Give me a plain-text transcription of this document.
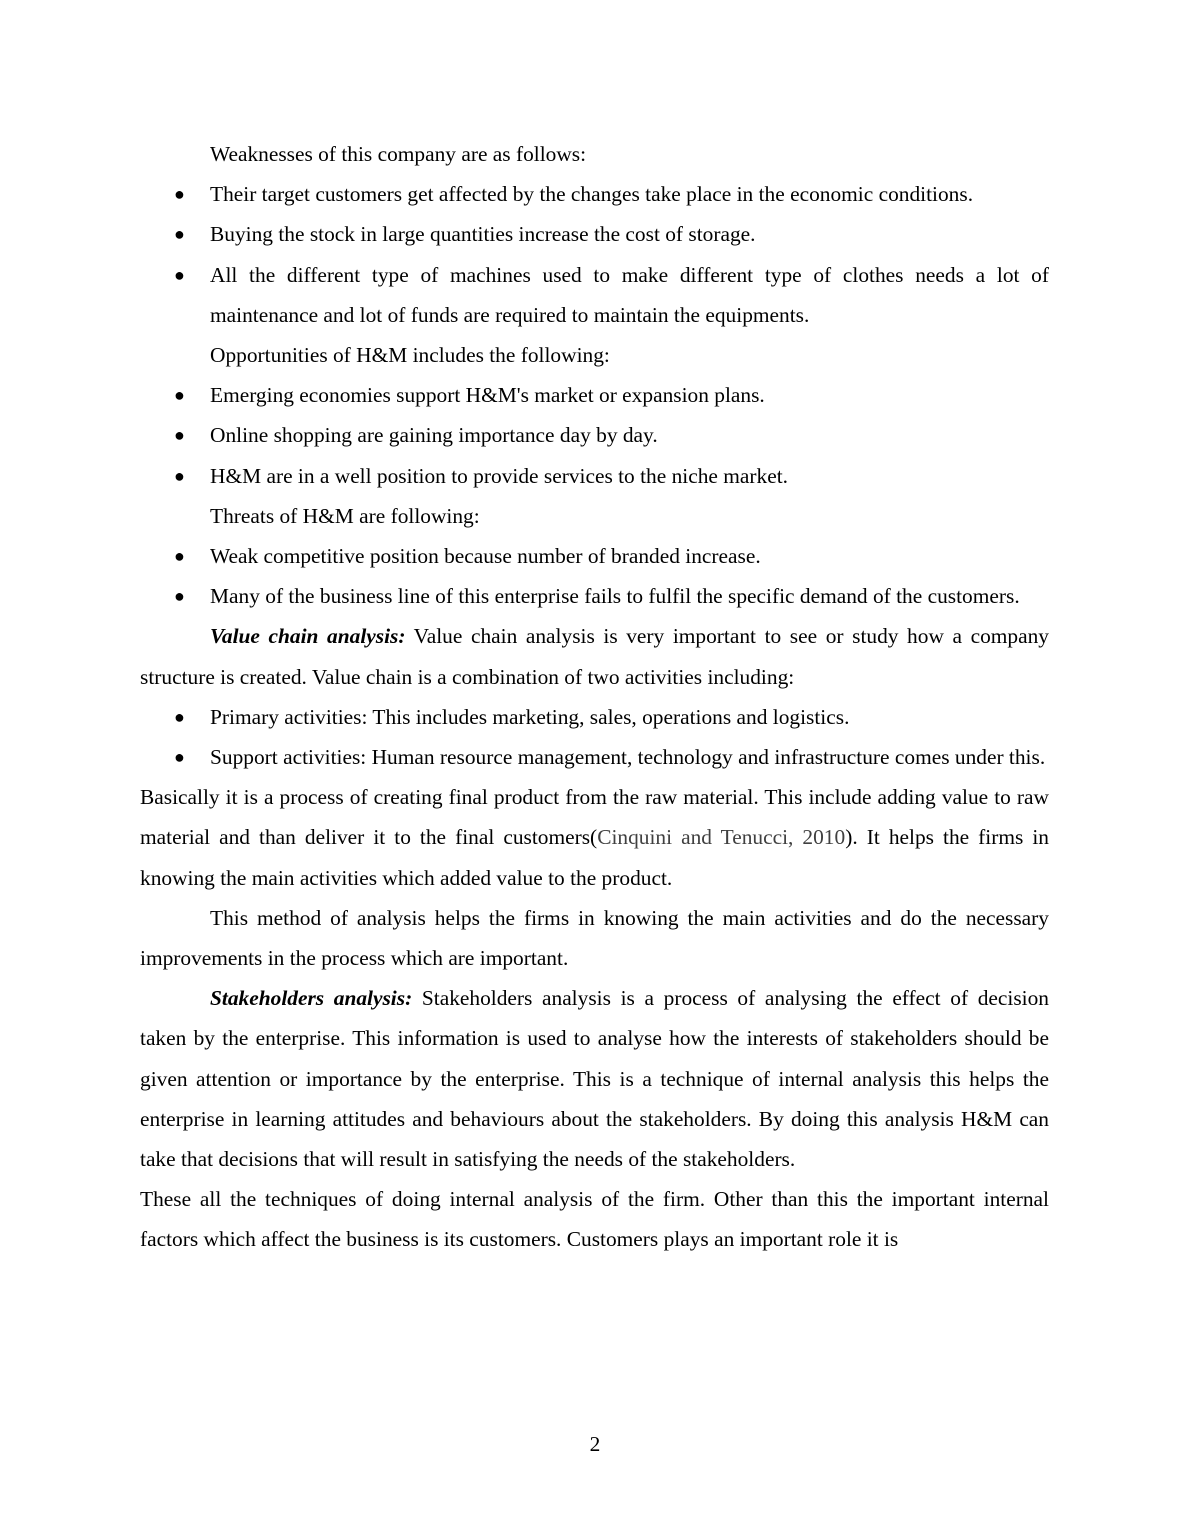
Weaknesses of this company are as follows:

● Their target customers get affected by the changes take place in the economic conditions.
● Buying the stock in large quantities increase the cost of storage.
● All the different type of machines used to make different type of clothes needs a lot of maintenance and lot of funds are required to maintain the equipments.

Opportunities of H&M includes the following:

● Emerging economies support H&M's market or expansion plans.
● Online shopping are gaining importance day by day.
● H&M are in a well position to provide services to the niche market.

Threats of H&M are following:

● Weak competitive position because number of branded increase.
● Many of the business line of this enterprise fails to fulfil the specific demand of the customers.

Value chain analysis: Value chain analysis is very important to see or study how a company structure is created. Value chain is a combination of two activities including:

● Primary activities: This includes marketing, sales, operations and logistics.
● Support activities: Human resource management, technology and infrastructure comes under this.

Basically it is a process of creating final product from the raw material. This include adding value to raw material and than deliver it to the final customers(Cinquini and Tenucci, 2010). It helps the firms in knowing the main activities which added value to the product.

This method of analysis helps the firms in knowing the main activities and do the necessary improvements in the process which are important.

Stakeholders analysis: Stakeholders analysis is a process of analysing the effect of decision taken by the enterprise. This information is used to analyse how the interests of stakeholders should be given attention or importance by the enterprise. This is a technique of internal analysis this helps the enterprise in learning attitudes and behaviours about the stakeholders. By doing this analysis H&M can take that decisions that will result in satisfying the needs of the stakeholders.

These all the techniques of doing internal analysis of the firm. Other than this the important internal factors which affect the business is its customers. Customers plays an important role it is

2
